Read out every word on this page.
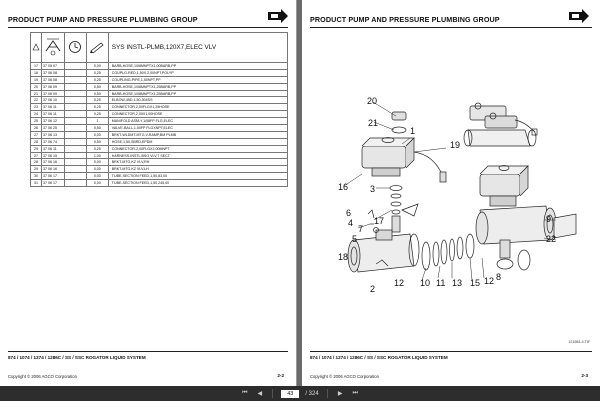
PRODUCT PUMP AND PRESSURE PLUMBING GROUP
				SYS INSTL-PLMB,120X7,ELEC VLV
17	37 05 07		0,00	BARB-HOSE,1/08MNPTX1,00BARB,PP
18	37 06 08		0,25	COUPLG-RED,1,50X,2,00NPT,POLYP
19	37 06 08		0,25	COUPLING-PIPE,1,50NPT,PP
20	37 06 09		0,50	BARB-HOSE,1/08MNPTX1,25BARB,PP
21	37 06 09		0,50	BARB-HOSE,1/08MNPTX1,25BARB,PP
22	37 06 10		0,25	ELBOW-45D,1,50-304SS
23	37 06 11		0,25	CONNECTOR,2,00FLGX1,25HOSE
24	37 06 11		0,25	CONNECTOR,2,00X1,00HOSE
25	37 06 12		1	MANIFOLD ASM-Y,1/08FP FLG,ELEC
26	37 06 25		0,50	VALVE-BALL,1,00FP FLGXNPT,ELEC
27	37 06 13		0,00	BRKT-WLDMT-MTG,V-RAMP,BM PLMB
28	37 06 74		0,50	HOSE,1,50,SBRD,EPDM
29	37 06 11		0,25	CONNECTOR-2,00FLGX2,00MNPT
27	37 06 15		1,00	HARNESS-INSTL,BSO VLV,7 SECT
28	37 06 16		0,00	BRKT-MTG,KZ VLV,RH
29	37 06 16		0,00	BRKT-MTG,KZ VLV,LH
30	37 06 17		0,00	TUBE-SECTION FEED,1,50,83,00
31	37 06 17		0,00	TUBE-SECTION FEED,1,50,245,00
874 / 1074 / 1274 / 1286C / SS / SSC ROGATOR LIQUID SYSTEM
Copyright © 2006 AGCO Corporation	2-2
PRODUCT PUMP AND PRESSURE PLUMBING GROUP
20
21
1
19
16 3
17
7
6
5
18
4	9
22
2
12 10 11 13 15 12 8
121983-4.TIF
874 / 1074 / 1274 / 1286C / SS / SSC ROGATOR LIQUID SYSTEM
Copyright © 2006 AGCO Corporation	2-3
⏮	◀
43	/ 324	▶	⏭
